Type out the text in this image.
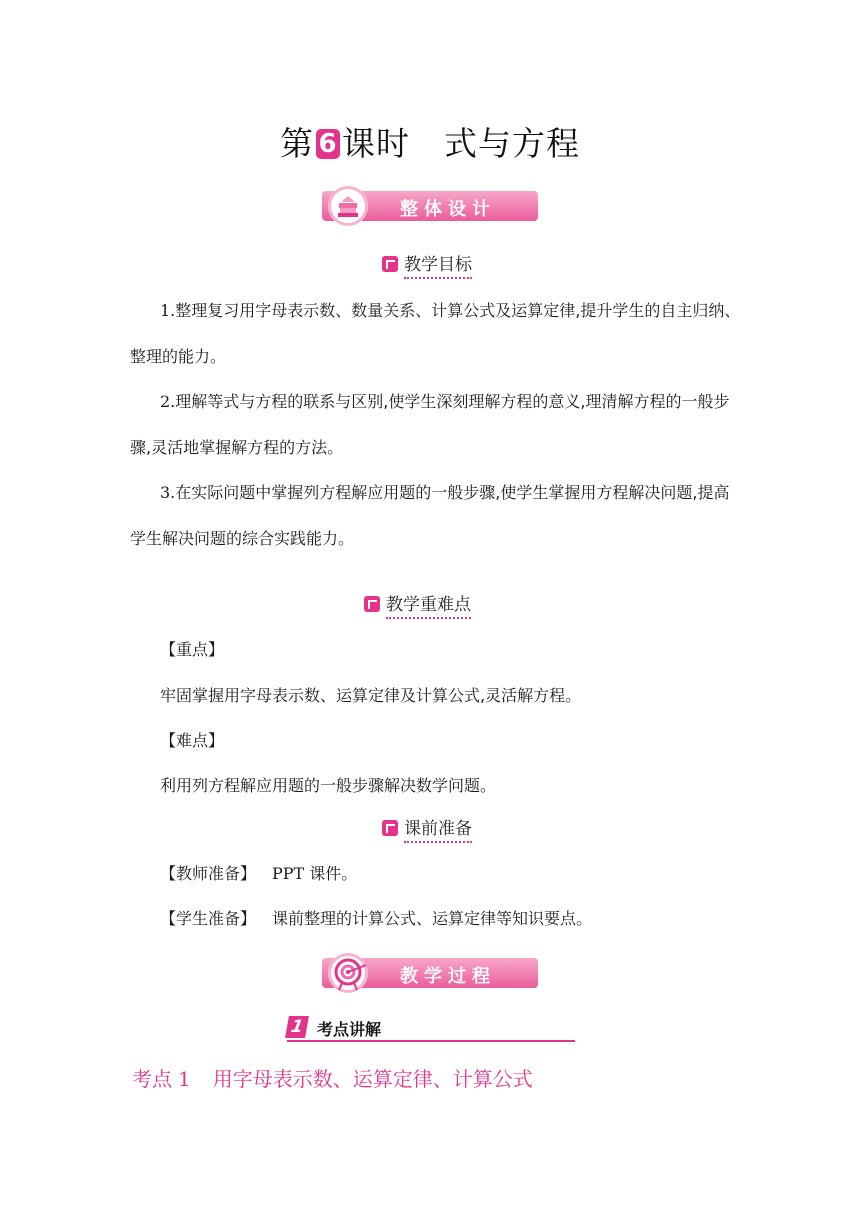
第 6 课时 式与方程
整体设计
教学目标
1.整理复习用字母表示数、数量关系、计算公式及运算定律,提升学生的自主归纳、
整理的能力。
2.理解等式与方程的联系与区别,使学生深刻理解方程的意义,理清解方程的一般步
骤,灵活地掌握解方程的方法。
3.在实际问题中掌握列方程解应用题的一般步骤,使学生掌握用方程解决问题,提高
学生解决问题的综合实践能力。
教学重难点
【重点】
牢固掌握用字母表示数、运算定律及计算公式,灵活解方程。
【难点】
利用列方程解应用题的一般步骤解决数学问题。
课前准备
【教师准备】 PPT 课件。
【学生准备】 课前整理的计算公式、运算定律等知识要点。
教学过程
1 考点讲解
考点 1 用字母表示数、运算定律、计算公式
